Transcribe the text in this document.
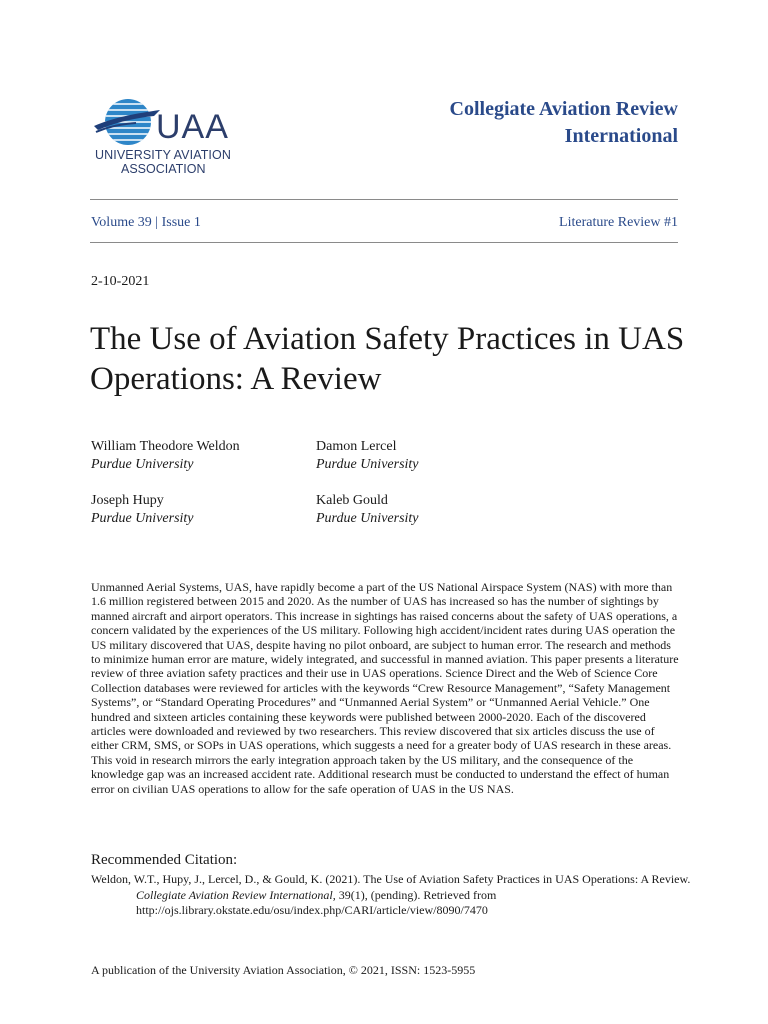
UAA
UNIVERSITY AVIATION
ASSOCIATION
Collegiate Aviation Review
International
Volume 39 | Issue 1	Literature Review #1
2-10-2021
The Use of Aviation Safety Practices in UAS Operations: A Review
William Theodore Weldon
Purdue University
Damon Lercel
Purdue University
Joseph Hupy
Purdue University
Kaleb Gould
Purdue University
Unmanned Aerial Systems, UAS, have rapidly become a part of the US National Airspace System (NAS) with more than 1.6 million registered between 2015 and 2020. As the number of UAS has increased so has the number of sightings by manned aircraft and airport operators. This increase in sightings has raised concerns about the safety of UAS operations, a concern validated by the experiences of the US military. Following high accident/incident rates during UAS operation the US military discovered that UAS, despite having no pilot onboard, are subject to human error. The research and methods to minimize human error are mature, widely integrated, and successful in manned aviation. This paper presents a literature review of three aviation safety practices and their use in UAS operations. Science Direct and the Web of Science Core Collection databases were reviewed for articles with the keywords “Crew Resource Management”, “Safety Management Systems”, or “Standard Operating Procedures” and “Unmanned Aerial System” or “Unmanned Aerial Vehicle.” One hundred and sixteen articles containing these keywords were published between 2000-2020. Each of the discovered articles were downloaded and reviewed by two researchers. This review discovered that six articles discuss the use of either CRM, SMS, or SOPs in UAS operations, which suggests a need for a greater body of UAS research in these areas. This void in research mirrors the early integration approach taken by the US military, and the consequence of the knowledge gap was an increased accident rate. Additional research must be conducted to understand the effect of human error on civilian UAS operations to allow for the safe operation of UAS in the US NAS.
Recommended Citation:
Weldon, W.T., Hupy, J., Lercel, D., & Gould, K. (2021). The Use of Aviation Safety Practices in UAS Operations: A Review. Collegiate Aviation Review International, 39(1), (pending). Retrieved from http://ojs.library.okstate.edu/osu/index.php/CARI/article/view/8090/7470
A publication of the University Aviation Association, © 2021, ISSN: 1523-5955
